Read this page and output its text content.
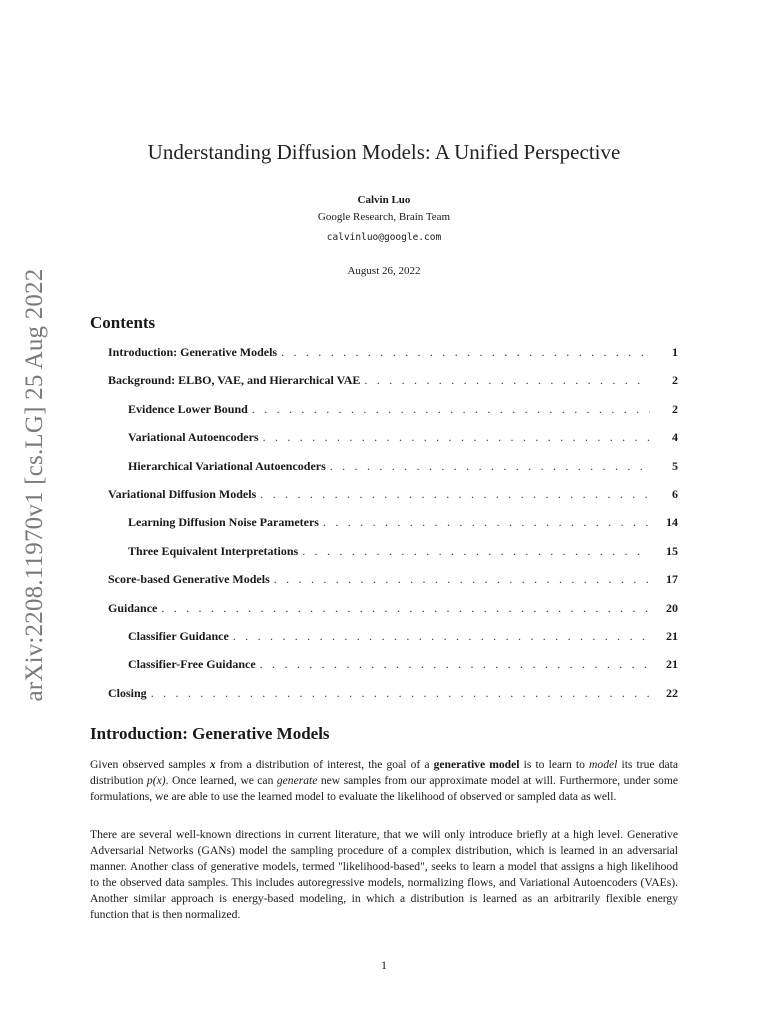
arXiv:2208.11970v1 [cs.LG] 25 Aug 2022
Understanding Diffusion Models: A Unified Perspective
Calvin Luo
Google Research, Brain Team
calvinluo@google.com
August 26, 2022
Contents
Introduction: Generative Models . . .	1
Background: ELBO, VAE, and Hierarchical VAE . . .	2
Evidence Lower Bound . . .	2
Variational Autoencoders . . .	4
Hierarchical Variational Autoencoders . . .	5
Variational Diffusion Models . . .	6
Learning Diffusion Noise Parameters . . .	14
Three Equivalent Interpretations . . .	15
Score-based Generative Models . . .	17
Guidance . . .	20
Classifier Guidance . . .	21
Classifier-Free Guidance . . .	21
Closing . . .	22
Introduction: Generative Models

Given observed samples x from a distribution of interest, the goal of a generative model is to learn to model its true data distribution p(x). Once learned, we can generate new samples from our approximate model at will. Furthermore, under some formulations, we are able to use the learned model to evaluate the likelihood of observed or sampled data as well.

There are several well-known directions in current literature, that we will only introduce briefly at a high level. Generative Adversarial Networks (GANs) model the sampling procedure of a complex distribution, which is learned in an adversarial manner. Another class of generative models, termed "likelihood-based", seeks to learn a model that assigns a high likelihood to the observed data samples. This includes autoregressive models, normalizing flows, and Variational Autoencoders (VAEs). Another similar approach is energy-based modeling, in which a distribution is learned as an arbitrarily flexible energy function that is then normalized.

1
